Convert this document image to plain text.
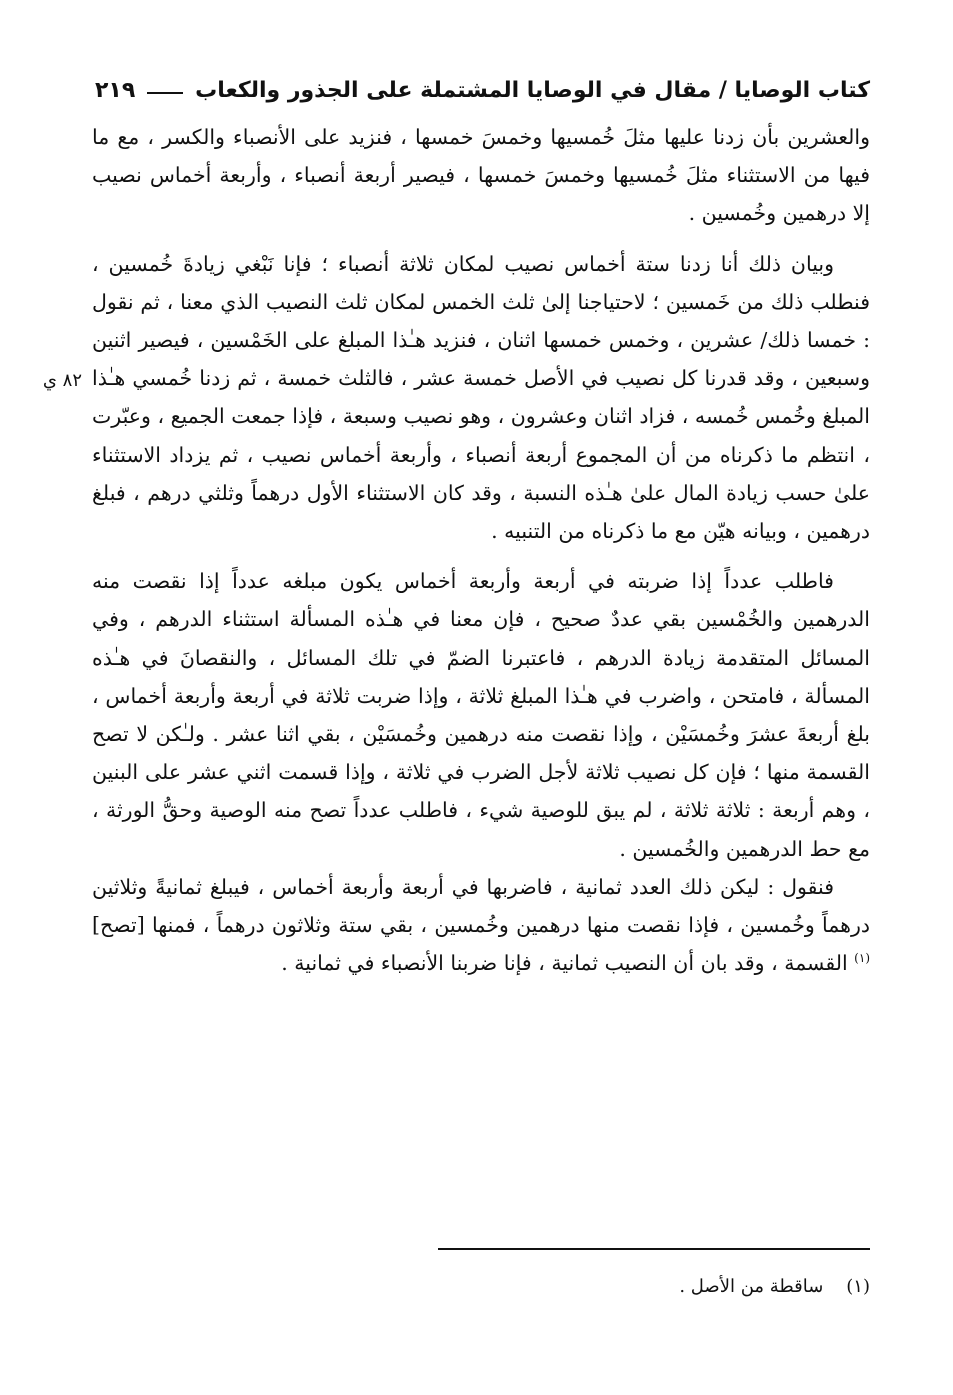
كتاب الوصايا / مقال في الوصايا المشتملة على الجذور والكعاب
٢١٩
٨٢ ي

والعشرين بأن زدنا عليها مثلَ خُمسيها وخمسَ خمسها ، فنزيد على الأنصباء والكسر ، مع ما فيها من الاستثناء مثلَ خُمسيها وخمسَ خمسها ، فيصير أربعة أنصباء ، وأربعة أخماس نصيب إلا درهمين وخُمسين .

وبيان ذلك أنا زدنا ستة أخماس نصيب لمكان ثلاثة أنصباء ؛ فإنا نَبْغي زيادةَ خُمسين ، فنطلب ذلك من خَمسين ؛ لاحتياجنا إلىٰ ثلث الخمس لمكان ثلث النصيب الذي معنا ، ثم نقول : خمسا ذلك/ عشرين ، وخمس خمسها اثنان ، فنزيد هـٰذا المبلغ على الخَمْسين ، فيصير اثنين وسبعين ، وقد قدرنا كل نصيب في الأصل خمسة عشر ، فالثلث خمسة ، ثم زدنا خُمسي هـٰذا المبلغ وخُمس خُمسه ، فزاد اثنان وعشرون ، وهو نصيب وسبعة ، فإذا جمعت الجميع ، وعبّرت ، انتظم ما ذكرناه من أن المجموع أربعة أنصباء ، وأربعة أخماس نصيب ، ثم يزداد الاستثناء علىٰ حسب زيادة المال علىٰ هـٰذه النسبة ، وقد كان الاستثناء الأول درهماً وثلثي درهم ، فبلغ درهمين ، وبيانه هيّن مع ما ذكرناه من التنبيه .

فاطلب عدداً إذا ضربته في أربعة وأربعة أخماس يكون مبلغه عدداً إذا نقصت منه الدرهمين والخُمْسين بقي عددٌ صحيح ، فإن معنا في هـٰذه المسألة استثناء الدرهم ، وفي المسائل المتقدمة زيادة الدرهم ، فاعتبرنا الضمّ في تلك المسائل ، والنقصانَ في هـٰذه المسألة ، فامتحن ، واضرب في هـٰذا المبلغ ثلاثة ، وإذا ضربت ثلاثة في أربعة وأربعة أخماس ، بلغ أربعةَ عشرَ وخُمسَيْن ، وإذا نقصت منه درهمين وخُمسَيْن ، بقي اثنا عشر . ولـٰكن لا تصح القسمة منها ؛ فإن كل نصيب ثلاثة لأجل الضرب في ثلاثة ، وإذا قسمت اثني عشر على البنين ، وهم أربعة : ثلاثة ثلاثة ، لم يبق للوصية شيء ، فاطلب عدداً تصح منه الوصية وحقُّ الورثة ، مع حط الدرهمين والخُمسين .

فنقول : ليكن ذلك العدد ثمانية ، فاضربها في أربعة وأربعة أخماس ، فيبلغ ثمانيةً وثلاثين درهماً وخُمسين ، فإذا نقصت منها درهمين وخُمسين ، بقي ستة وثلاثون درهماً ، فمنها [تصح]$^{(١)}$ القسمة ، وقد بان أن النصيب ثمانية ، فإنا ضربنا الأنصباء في ثمانية .

(١)    ساقطة من الأصل .
